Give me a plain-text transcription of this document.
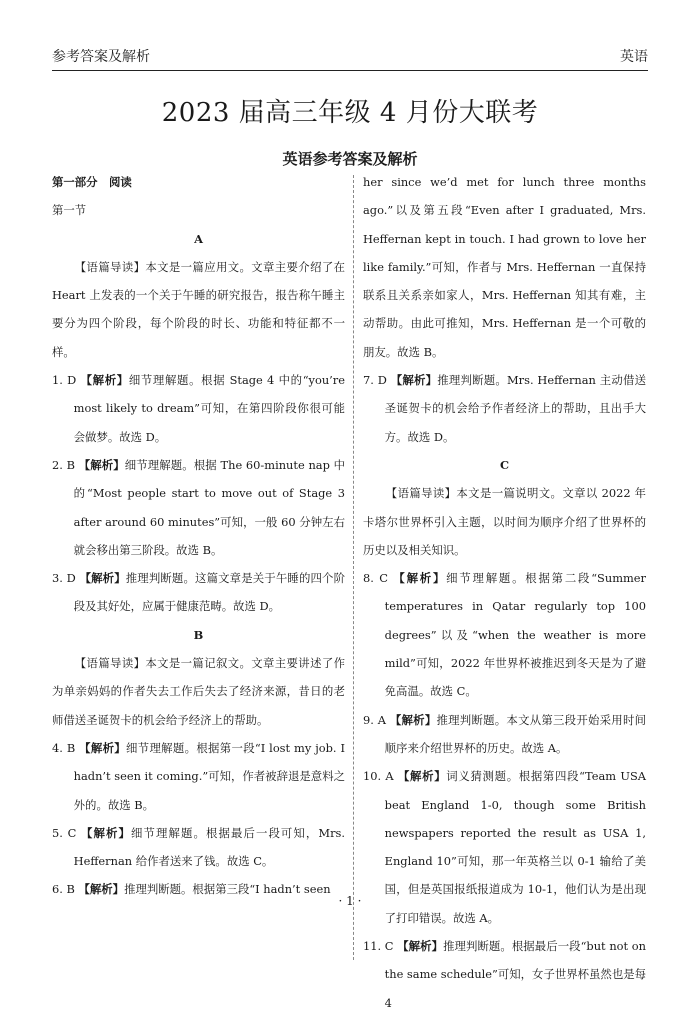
参考答案及解析	英语
2023 届高三年级 4 月份大联考
英语参考答案及解析

第一部分　阅读

第一节

A

【语篇导读】本文是一篇应用文。文章主要介绍了在 Heart 上发表的一个关于午睡的研究报告，报告称午睡主要分为四个阶段，每个阶段的时长、功能和特征都不一样。

1. D 【解析】细节理解题。根据 Stage 4 中的“you’re most likely to dream”可知，在第四阶段你很可能会做梦。故选 D。

2. B 【解析】细节理解题。根据 The 60-minute nap 中的“Most people start to move out of Stage 3 after around 60 minutes”可知，一般 60 分钟左右就会移出第三阶段。故选 B。

3. D 【解析】推理判断题。这篇文章是关于午睡的四个阶段及其好处，应属于健康范畴。故选 D。

B

【语篇导读】本文是一篇记叙文。文章主要讲述了作为单亲妈妈的作者失去工作后失去了经济来源，昔日的老师借送圣诞贺卡的机会给予经济上的帮助。

4. B 【解析】细节理解题。根据第一段“I lost my job. I hadn’t seen it coming.”可知，作者被辞退是意料之外的。故选 B。

5. C 【解析】细节理解题。根据最后一段可知，Mrs. Heffernan 给作者送来了钱。故选 C。

6. B 【解析】推理判断题。根据第三段“I hadn’t seen

her since we’d met for lunch three months ago.”以及第五段“Even after I graduated, Mrs. Heffernan kept in touch. I had grown to love her like family.”可知，作者与 Mrs. Heffernan 一直保持联系且关系亲如家人，Mrs. Heffernan 知其有难，主动帮助。由此可推知，Mrs. Heffernan 是一个可敬的朋友。故选 B。

7. D 【解析】推理判断题。Mrs. Heffernan 主动借送圣诞贺卡的机会给予作者经济上的帮助，且出手大方。故选 D。

C

【语篇导读】本文是一篇说明文。文章以 2022 年卡塔尔世界杯引入主题，以时间为顺序介绍了世界杯的历史以及相关知识。

8. C 【解析】细节理解题。根据第二段“Summer temperatures in Qatar regularly top 100 degrees”以及“when the weather is more mild”可知，2022 年世界杯被推迟到冬天是为了避免高温。故选 C。

9. A 【解析】推理判断题。本文从第三段开始采用时间顺序来介绍世界杯的历史。故选 A。

10. A 【解析】词义猜测题。根据第四段“Team USA beat England 1-0, though some British newspapers reported the result as USA 1, England 10”可知，那一年英格兰以 0-1 输给了美国，但是英国报纸报道成为 10-1，他们认为是出现了打印错误。故选 A。

11. C 【解析】推理判断题。根据最后一段“but not on the same schedule”可知，女子世界杯虽然也是每 4

· 1 ·
